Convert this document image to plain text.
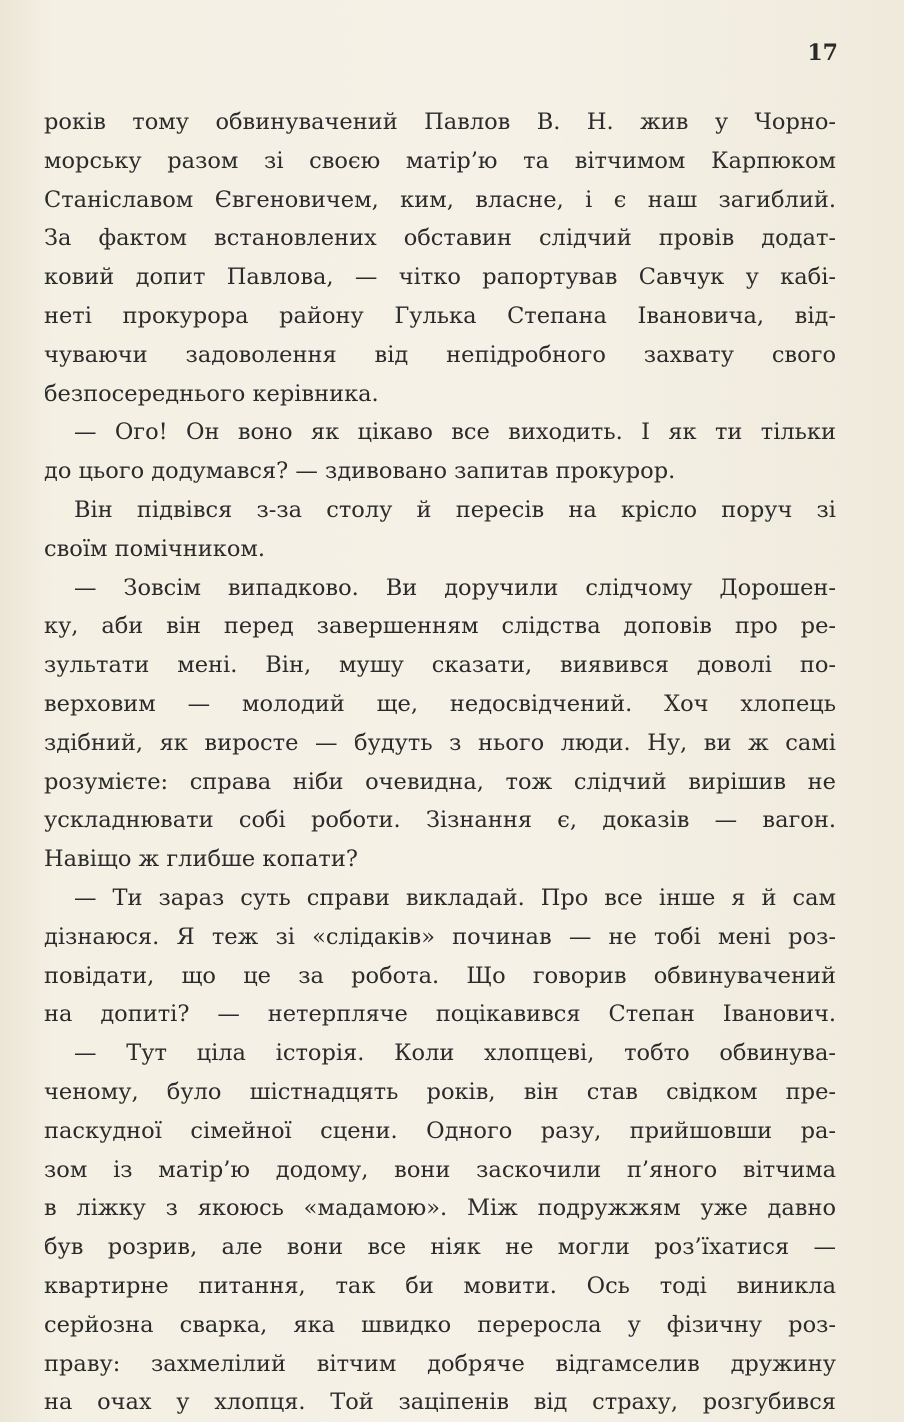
17
років тому обвинувачений Павлов В. Н. жив у Чорно-
морську разом зі своєю матір’ю та вітчимом Карпюком
Станіславом Євгеновичем, ким, власне, і є наш загиблий.
За фактом встановлених обставин слідчий провів додат-
ковий допит Павлова, — чітко рапортував Савчук у кабі-
неті прокурора району Гулька Степана Івановича, від-
чуваючи задоволення від непідробного захвату свого
безпосереднього керівника.
— Ого! Он воно як цікаво все виходить. І як ти тільки
до цього додумався? — здивовано запитав прокурор.
Він підвівся з-за столу й пересів на крісло поруч зі
своїм помічником.
— Зовсім випадково. Ви доручили слідчому Дорошен-
ку, аби він перед завершенням слідства доповів про ре-
зультати мені. Він, мушу сказати, виявився доволі по-
верховим — молодий ще, недосвідчений. Хоч хлопець
здібний, як виросте — будуть з нього люди. Ну, ви ж самі
розумієте: справа ніби очевидна, тож слідчий вирішив не
ускладнювати собі роботи. Зізнання є, доказів — вагон.
Навіщо ж глибше копати?
— Ти зараз суть справи викладай. Про все інше я й сам
дізнаюся. Я теж зі «слідаків» починав — не тобі мені роз-
повідати, що це за робота. Що говорив обвинувачений
на допиті? — нетерпляче поцікавився Степан Іванович.
— Тут ціла історія. Коли хлопцеві, тобто обвинува-
ченому, було шістнадцять років, він став свідком пре-
паскудної сімейної сцени. Одного разу, прийшовши ра-
зом із матір’ю додому, вони заскочили п’яного вітчима
в ліжку з якоюсь «мадамою». Між подружжям уже давно
був розрив, але вони все ніяк не могли роз’їхатися —
квартирне питання, так би мовити. Ось тоді виникла
серйозна сварка, яка швидко переросла у фізичну роз-
праву: захмелілий вітчим добряче відгамселив дружину
на очах у хлопця. Той заціпенів від страху, розгубився
